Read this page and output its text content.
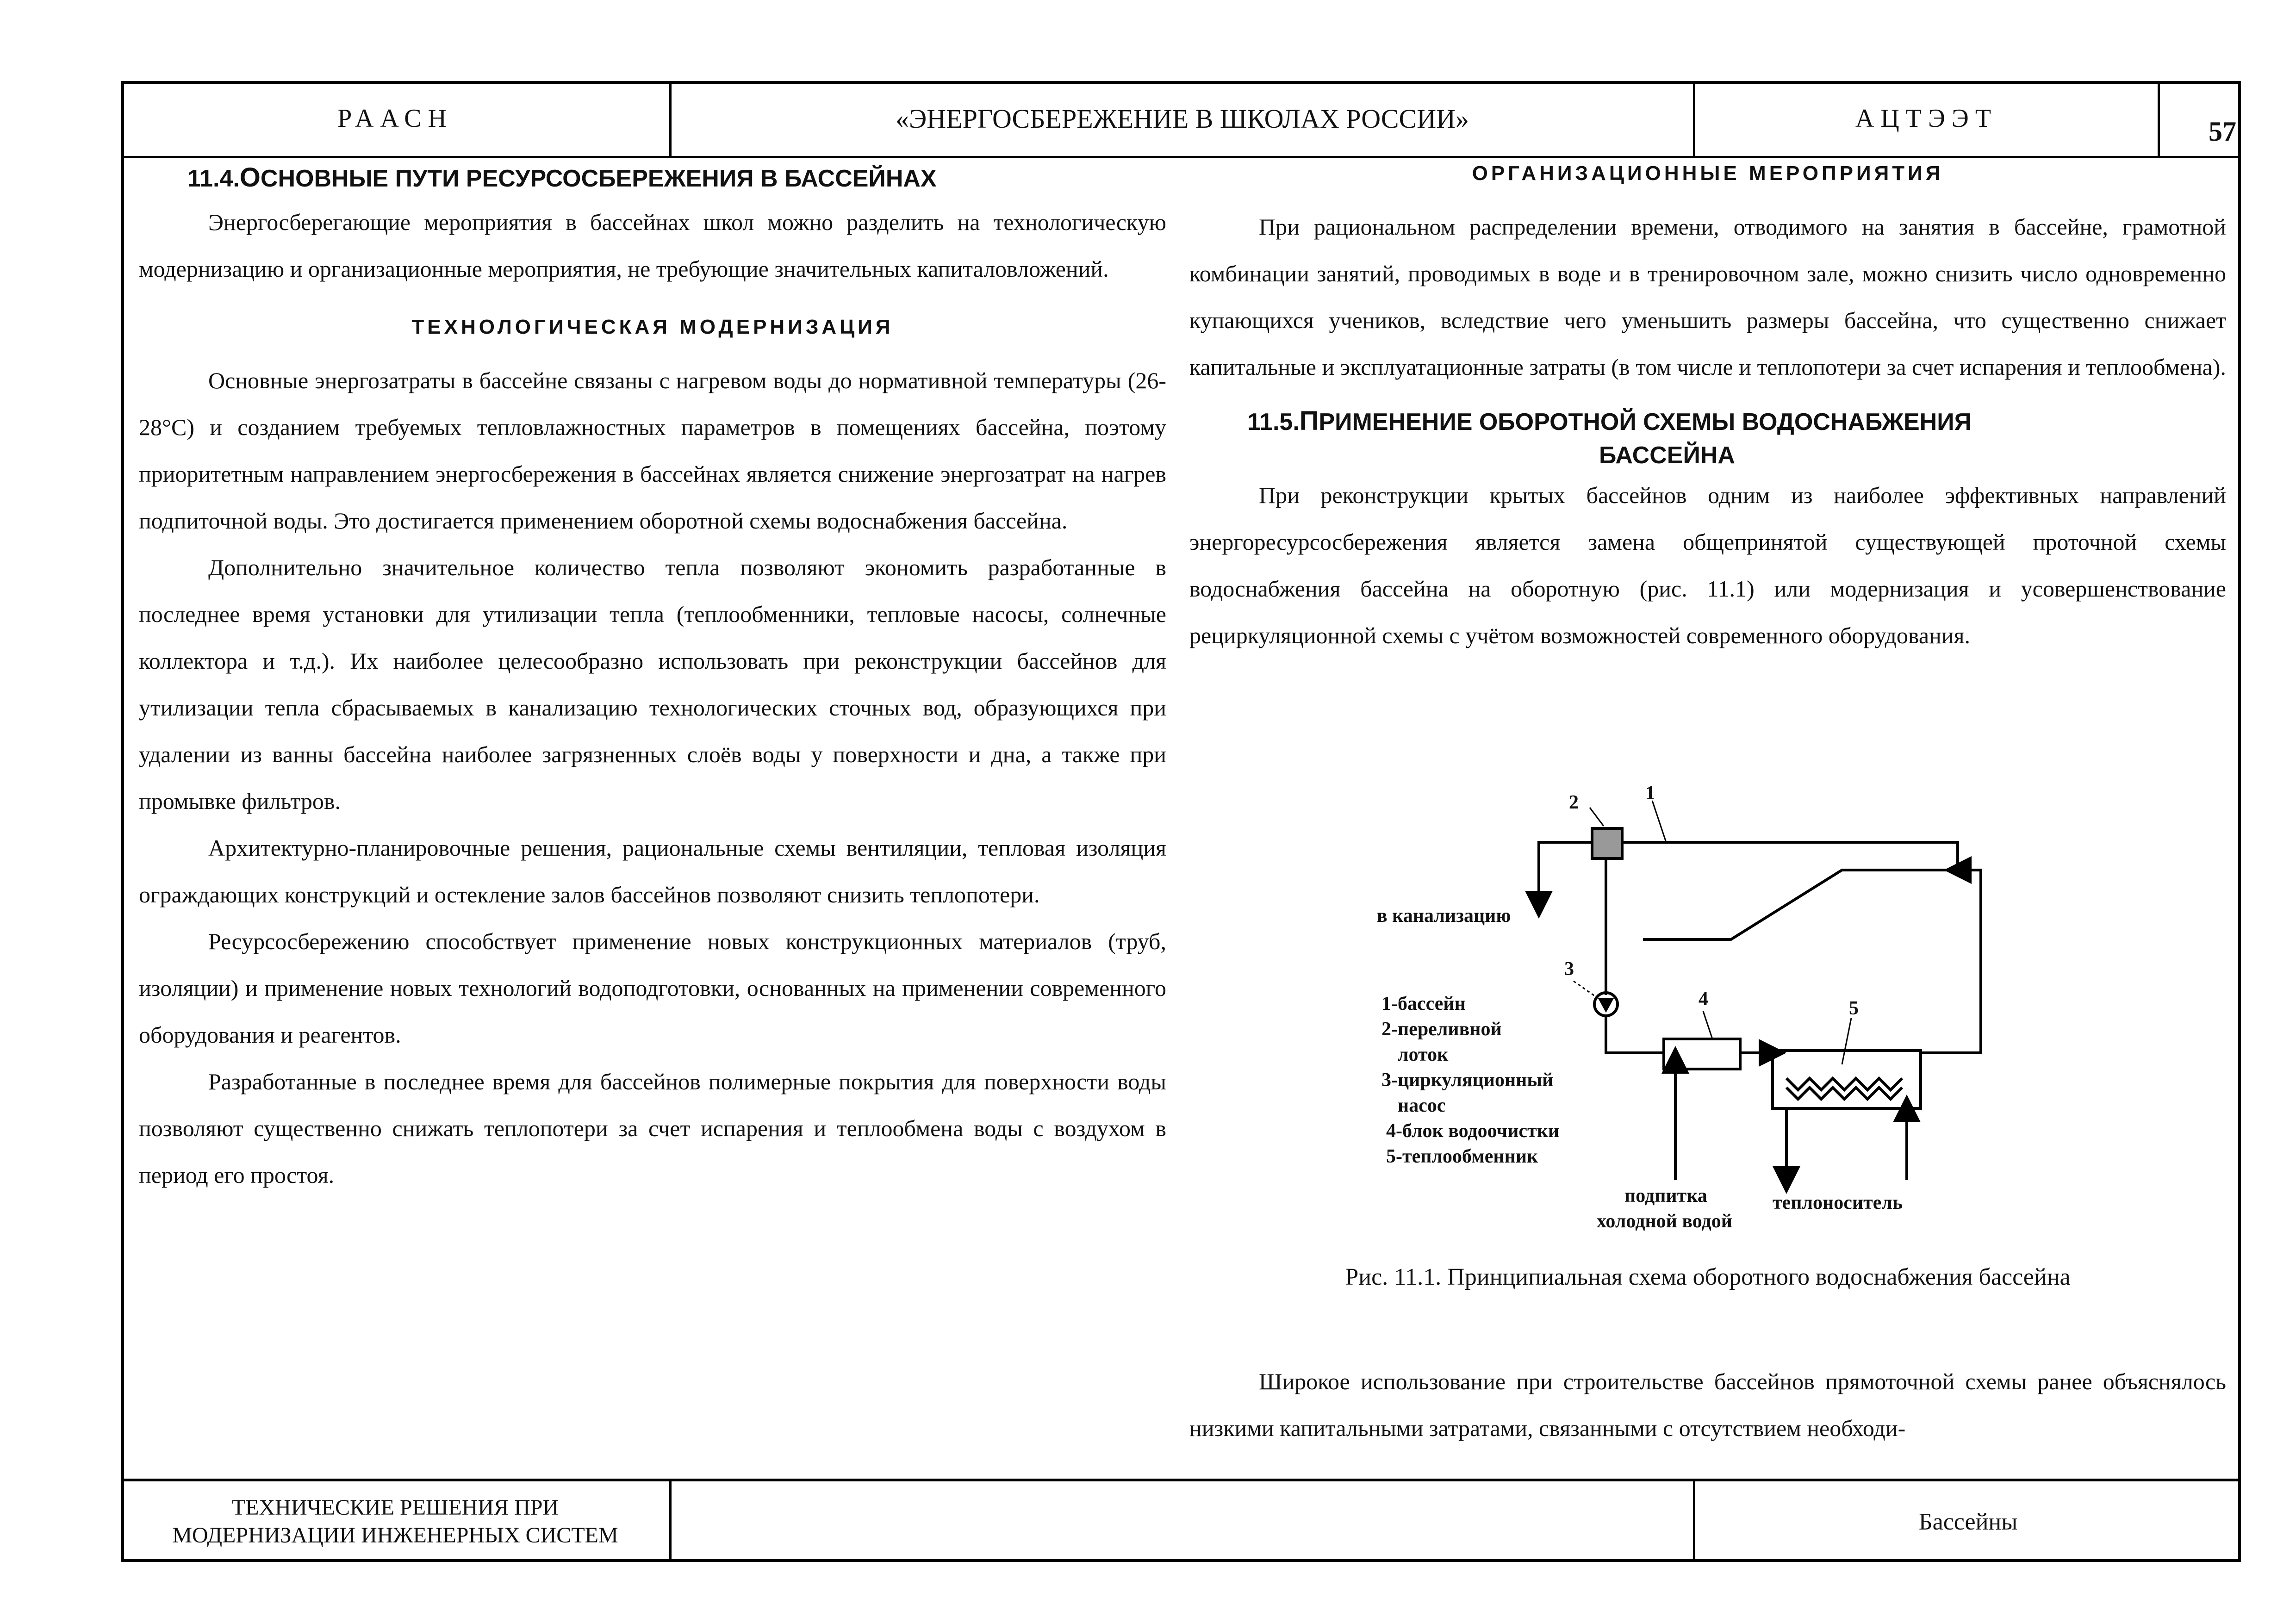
РААСН	«ЭНЕРГОСБЕРЕЖЕНИЕ В ШКОЛАХ РОССИИ»	АЦТЭЭТ	57
11.4.ОСНОВНЫЕ ПУТИ РЕСУРСОСБЕРЕЖЕНИЯ В БАССЕЙНАХ

Энергосберегающие мероприятия в бассейнах школ можно разделить на технологическую модернизацию и организационные мероприятия, не требующие значительных капиталовложений.

ТЕХНОЛОГИЧЕСКАЯ МОДЕРНИЗАЦИЯ

Основные энергозатраты в бассейне связаны с нагревом воды до нормативной температуры (26-28°С) и созданием требуемых тепловлажностных параметров в помещениях бассейна, поэтому приоритетным направлением энергосбережения в бассейнах является снижение энергозатрат на нагрев подпиточной воды. Это достигается применением оборотной схемы водоснабжения бассейна.

Дополнительно значительное количество тепла позволяют экономить разработанные в последнее время установки для утилизации тепла (теплообменники, тепловые насосы, солнечные коллектора и т.д.). Их наиболее целесообразно использовать при реконструкции бассейнов для утилизации тепла сбрасываемых в канализацию технологических сточных вод, образующихся при удалении из ванны бассейна наиболее загрязненных слоёв воды у поверхности и дна, а также при промывке фильтров.

Архитектурно-планировочные решения, рациональные схемы вентиляции, тепловая изоляция ограждающих конструкций и остекление залов бассейнов позволяют снизить теплопотери.

Ресурсосбережению способствует применение новых конструкционных материалов (труб, изоляции) и применение новых технологий водоподготовки, основанных на применении современного оборудования и реагентов.

Разработанные в последнее время для бассейнов полимерные покрытия для поверхности воды позволяют существенно снижать теплопотери за счет испарения и теплообмена воды с воздухом в период его простоя.

ОРГАНИЗАЦИОННЫЕ МЕРОПРИЯТИЯ

При рациональном распределении времени, отводимого на занятия в бассейне, грамотной комбинации занятий, проводимых в воде и в тренировочном зале, можно снизить число одновременно купающихся учеников, вследствие чего уменьшить размеры бассейна, что существенно снижает капитальные и эксплуатационные затраты (в том числе и теплопотери за счет испарения и теплообмена).

11.5.ПРИМЕНЕНИЕ ОБОРОТНОЙ СХЕМЫ ВОДОСНАБЖЕНИЯ
БАССЕЙНА

При реконструкции крытых бассейнов одним из наиболее эффективных направлений энергоресурсосбережения является замена общепринятой существующей проточной схемы водоснабжения бассейна на оборотную (рис. 11.1) или модернизация и усовершенствование рециркуляционной схемы с учётом возможностей современного оборудования.

2	1
в канализацию
3
4	5
1-бассейн
2-переливной
лоток
3-циркуляционный
насос
4-блок водоочистки
5-теплообменник
подпитка
холодной водой
теплоноситель
Рис. 11.1. Принципиальная схема оборотного водоснабжения бассейна

Широкое использование при строительстве бассейнов прямоточной схемы ранее объяснялось низкими капитальными затратами, связанными с отсутствием необходи-

ТЕХНИЧЕСКИЕ РЕШЕНИЯ ПРИ
МОДЕРНИЗАЦИИ ИНЖЕНЕРНЫХ СИСТЕМ
Бассейны
